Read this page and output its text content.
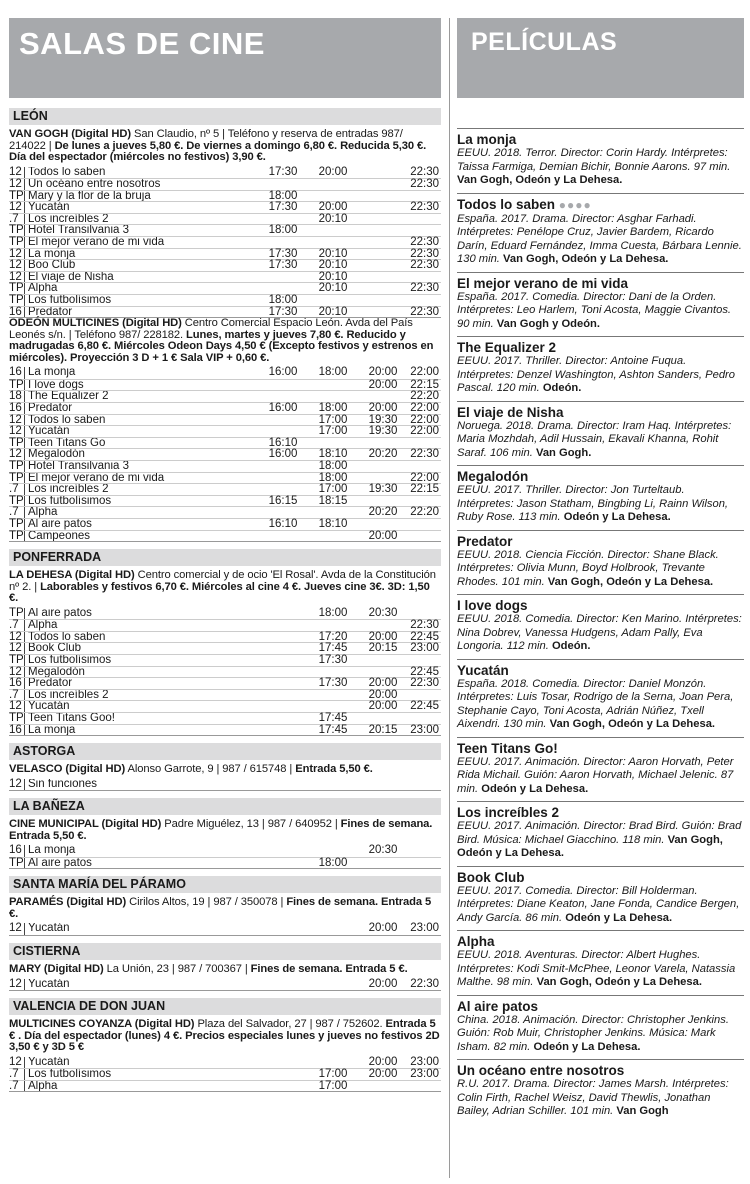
SALAS DE CINE
LEÓN
VAN GOGH (Digital HD) San Claudio, nº 5 | Teléfono y reserva de entradas 987/ 214022 | De lunes a jueves 5,80 €. De viernes a domingo 6,80 €. Reducida 5,30 €. Día del espectador (miércoles no festivos) 3,90 €.
12 Todos lo saben	17:30	20:00	22:30
12 Un océano entre nosotros	22:30
TP Mary y la flor de la bruja	18:00
12 Yucatán	17:30	20:00	22:30
.7 Los increíbles 2	20:10
TP Hotel Transilvania 3	18:00
TP El mejor verano de mi vida	22:30
12 La monja	17:30	20:10	22:30
12 Boo Club	17:30	20:10	22:30
12 El viaje de Nisha	20:10
TP Alpha	20:10	22:30
TP Los futbolísimos	18:00
16 Predator	17:30	20:10	22:30
ODEÓN MULTICINES (Digital HD) Centro Comercial Espacio León. Avda del País Leonés s/n. | Teléfono 987/ 228182. Lunes, martes y jueves 7,80 €. Reducido y madrugadas 6,80 €. Miércoles Odeon Days 4,50 € (Excepto festivos y estrenos en miércoles). Proyección 3 D + 1 € Sala VIP + 0,60 €.
16 La monja	16:00	18:00	20:00	22:00
TP I love dogs	20:00	22:15
18 The Equalizer 2	22:20
16 Predator	16:00	18:00	20:00	22:00
12 Todos lo saben	17:00	19:30	22:00
12 Yucatán	17:00	19:30	22:00
TP Teen Titans Go	16:10
12 Megalodón	16:00	18:10	20:20	22:30
TP Hotel Transilvania 3	18:00
TP El mejor verano de mi vida	18:00	22:00
.7 Los increíbles 2	17:00	19:30	22:15
TP Los futbolísimos	16:15	18:15
.7 Alpha	20:20	22:20
TP Al aire patos	16:10	18:10
TP Campeones	20:00
PONFERRADA
LA DEHESA (Digital HD) Centro comercial y de ocio 'El Rosal'. Avda de la Constitución nº 2. | Laborables y festivos 6,70 €. Miércoles al cine 4 €. Jueves cine 3€. 3D: 1,50 €.
TP Al aire patos	18:00	20:30
.7 Alpha	22:30
12 Todos lo saben	17:20	20:00	22:45
12 Book Club	17:45	20:15	23:00
TP Los futbolísimos	17:30
12 Megalodón	22:45
16 Predator	17:30	20:00	22:30
.7 Los increíbles 2	20:00
12 Yucatán	20:00	22:45
TP Teen Titans Goo!	17:45
16 La monja	17:45	20:15	23:00
ASTORGA
VELASCO (Digital HD) Alonso Garrote, 9 | 987 / 615748 | Entrada 5,50 €.
12 Sin funciones
LA BAÑEZA
CINE MUNICIPAL (Digital HD) Padre Miguélez, 13 | 987 / 640952 | Fines de semana. Entrada 5,50 €.
16 La monja	20:30
TP Al aire patos	18:00
SANTA MARÍA DEL PÁRAMO
PARAMÉS (Digital HD) Cirilos Altos, 19 | 987 / 350078 | Fines de semana. Entrada 5 €.
12 Yucatán	20:00	23:00
CISTIERNA
MARY (Digital HD) La Unión, 23 | 987 / 700367 | Fines de semana. Entrada 5 €.
12 Yucatán	20:00	22:30
VALENCIA DE DON JUAN
MULTICINES COYANZA (Digital HD) Plaza del Salvador, 27 | 987 / 752602. Entrada 5 € . Día del espectador (lunes) 4 €. Precios especiales lunes y jueves no festivos 2D 3,50 € y 3D 5 €
12 Yucatán	20:00	23:00
.7 Los futbolísimos	17:00	20:00	23:00
.7 Alpha	17:00
PELÍCULAS
La monja
EEUU. 2018. Terror. Director: Corin Hardy. Intérpretes: Taissa Farmiga, Demian Bichir, Bonnie Aarons. 97 min. Van Gogh, Odeón y La Dehesa.
Todos lo saben ●●●●
España. 2017. Drama. Director: Asghar Farhadi. Intérpretes: Penélope Cruz, Javier Bardem, Ricardo Darín, Eduard Fernández, Imma Cuesta, Bárbara Lennie. 130 min. Van Gogh, Odeón y La Dehesa.
El mejor verano de mi vida
España. 2017. Comedia. Director: Dani de la Orden. Intérpretes: Leo Harlem, Toni Acosta, Maggie Civantos. 90 min. Van Gogh y Odeón.
The Equalizer 2
EEUU. 2017. Thriller. Director: Antoine Fuqua. Intérpretes: Denzel Washington, Ashton Sanders, Pedro Pascal. 120 min. Odeón.
El viaje de Nisha
Noruega. 2018. Drama. Director: Iram Haq. Intérpretes: Maria Mozhdah, Adil Hussain, Ekavali Khanna, Rohit Saraf. 106 min. Van Gogh.
Megalodón
EEUU. 2017. Thriller. Director: Jon Turteltaub. Intérpretes: Jason Statham, Bingbing Li, Rainn Wilson, Ruby Rose. 113 min. Odeón y La Dehesa.
Predator
EEUU. 2018. Ciencia Ficción. Director: Shane Black. Intérpretes: Olivia Munn, Boyd Holbrook, Trevante Rhodes. 101 min. Van Gogh, Odeón y La Dehesa.
I love dogs
EEUU. 2018. Comedia. Director: Ken Marino. Intérpretes: Nina Dobrev, Vanessa Hudgens, Adam Pally, Eva Longoria. 112 min. Odeón.
Yucatán
España. 2018. Comedia. Director: Daniel Monzón. Intérpretes: Luis Tosar, Rodrigo de la Serna, Joan Pera, Stephanie Cayo, Toni Acosta, Adrián Núñez, Txell Aixendri. 130 min. Van Gogh, Odeón y La Dehesa.
Teen Titans Go!
EEUU. 2017. Animación. Director: Aaron Horvath, Peter Rida Michail. Guión: Aaron Horvath, Michael Jelenic. 87 min. Odeón y La Dehesa.
Los increíbles 2
EEUU. 2017. Animación. Director: Brad Bird. Guión: Brad Bird. Música: Michael Giacchino. 118 min. Van Gogh, Odeón y La Dehesa.
Book Club
EEUU. 2017. Comedia. Director: Bill Holderman. Intérpretes: Diane Keaton, Jane Fonda, Candice Bergen, Andy García. 86 min. Odeón y La Dehesa.
Alpha
EEUU. 2018. Aventuras. Director: Albert Hughes. Intérpretes: Kodi Smit-McPhee, Leonor Varela, Natassia Malthe. 98 min. Van Gogh, Odeón y La Dehesa.
Al aire patos
China. 2018. Animación. Director: Christopher Jenkins. Guión: Rob Muir, Christopher Jenkins. Música: Mark Isham. 82 min. Odeón y La Dehesa.
Un océano entre nosotros
R.U. 2017. Drama. Director: James Marsh. Intérpretes: Colin Firth, Rachel Weisz, David Thewlis, Jonathan Bailey, Adrian Schiller. 101 min. Van Gogh
